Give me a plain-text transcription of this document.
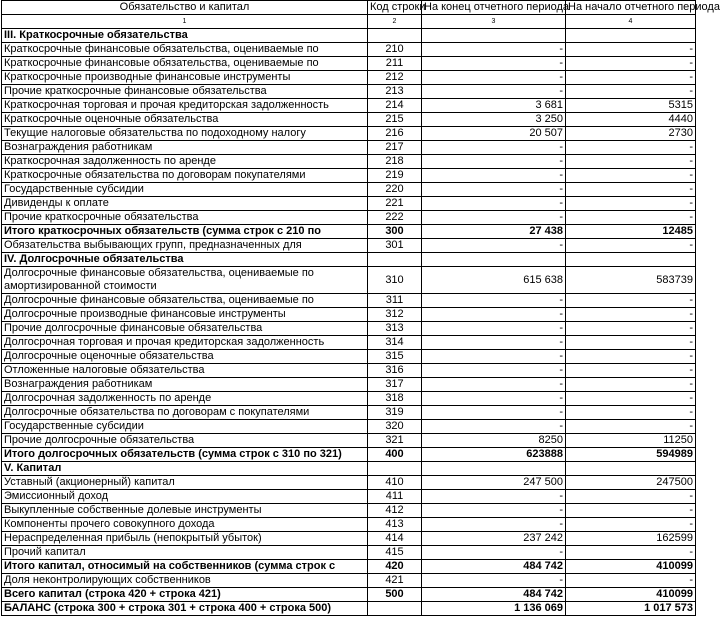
Обязательство и капитал	Код строки	На конец отчетного периода	На начало отчетного периода
1	2	3	4
III. Краткосрочные обязательства			
Краткосрочные финансовые обязательства, оцениваемые по	210	-	-
Краткосрочные финансовые обязательства, оцениваемые по	211	-	-
Краткосрочные производные финансовые инструменты	212	-	-
Прочие краткосрочные финансовые обязательства	213	-	-
Краткосрочная торговая и прочая кредиторская задолженность	214	3 681	5315
Краткосрочные оценочные обязательства	215	3 250	4440
Текущие налоговые обязательства по подоходному налогу	216	20 507	2730
Вознаграждения работникам	217	-	-
Краткосрочная задолженность по аренде	218	-	-
Краткосрочные обязательства по договорам покупателями	219	-	-
Государственные субсидии	220	-	-
Дивиденды к оплате	221	-	-
Прочие краткосрочные обязательства	222	-	-
Итого краткосрочных обязательств (сумма строк с 210 по	300	27 438	12485
Обязательства выбывающих групп, предназначенных для	301	-	-
IV. Долгосрочные обязательства			
Долгосрочные финансовые обязательства, оцениваемые по амортизированной стоимости	310	615 638	583739
Долгосрочные финансовые обязательства, оцениваемые по	311	-	-
Долгосрочные производные финансовые инструменты	312	-	-
Прочие долгосрочные финансовые обязательства	313	-	-
Долгосрочная торговая и прочая кредиторская задолженность	314	-	-
Долгосрочные оценочные обязательства	315	-	-
Отложенные налоговые обязательства	316	-	-
Вознаграждения работникам	317	-	-
Долгосрочная задолженность по аренде	318	-	-
Долгосрочные обязательства по договорам с покупателями	319	-	-
Государственные субсидии	320	-	-
Прочие долгосрочные обязательства	321	8250	11250
Итого долгосрочных обязательств (сумма строк с 310 по 321)	400	623888	594989
V. Капитал			
Уставный (акционерный) капитал	410	247 500	247500
Эмиссионный доход	411	-	-
Выкупленные собственные долевые инструменты	412	-	-
Компоненты прочего совокупного дохода	413	-	-
Нераспределенная прибыль (непокрытый убыток)	414	237 242	162599
Прочий капитал	415	-	-
Итого капитал, относимый на собственников (сумма строк с	420	484 742	410099
Доля неконтролирующих собственников	421	-	-
Всего капитал (строка 420 + строка 421)	500	484 742	410099
БАЛАНС (строка 300 + строка 301 + строка 400 + строка 500)		1 136 069	1 017 573
